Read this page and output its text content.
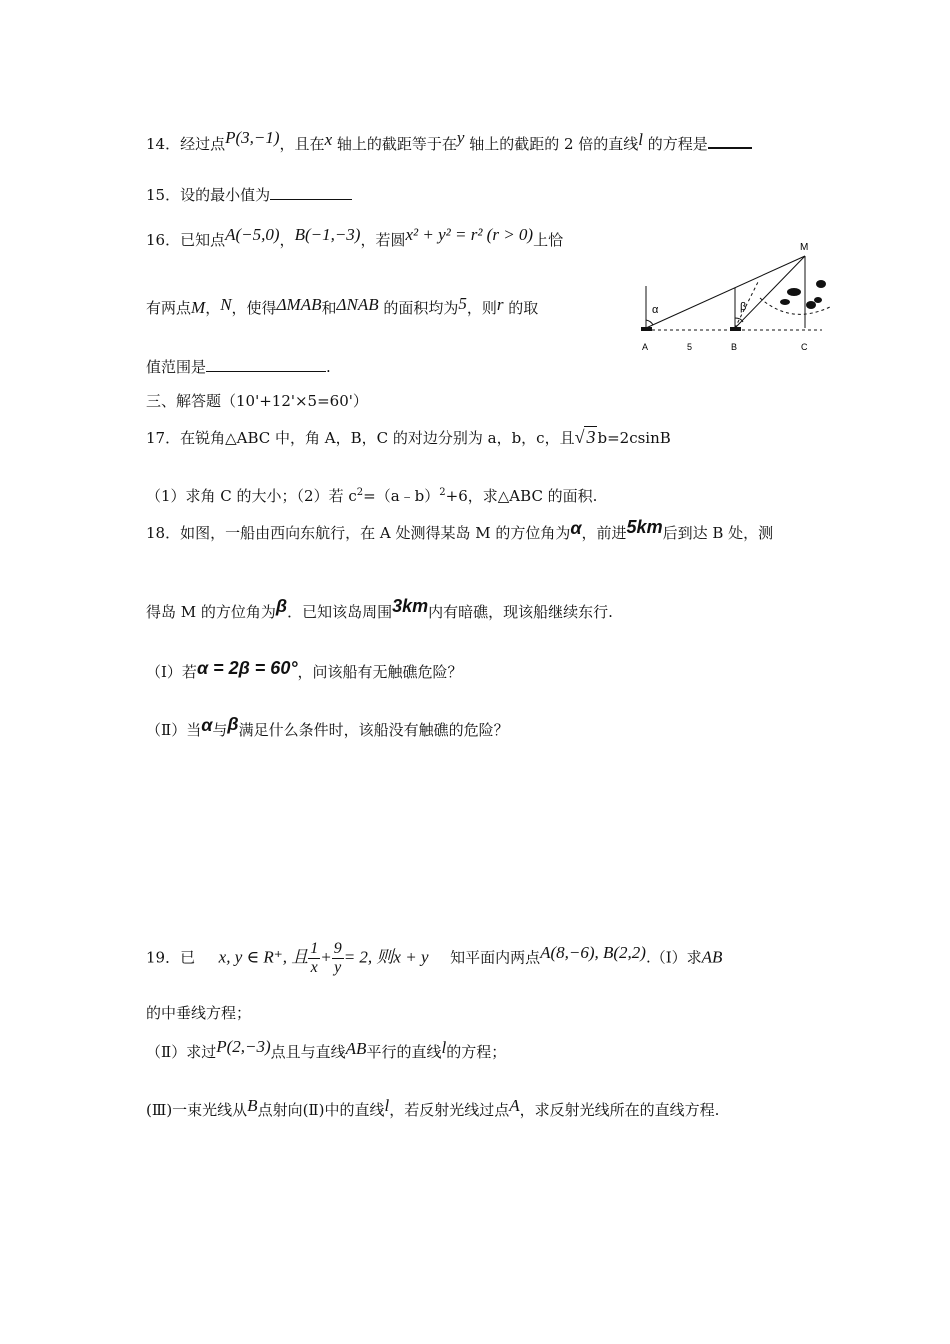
14．经过点P(3,−1)，且在x 轴上的截距等于在y 轴上的截距的 2 倍的直线l 的方程是
15．设的最小值为
16．已知点A(−5,0)，B(−1,−3)，若圆x² + y² = r² (r > 0)上恰
有两点M，N，使得ΔMAB和ΔNAB 的面积均为5，则r 的取
值范围是	.
M
α	β
A	5	B	C
三、解答题（10'+12'×5=60'）
17．在锐角△ABC 中，角 A，B，C 的对边分别为 a，b，c，且√ 3 b=2csinB
（1）求角 C 的大小；（2）若 $c^2=(a﹣b)^2+6$，求△ABC 的面积.
18．如图，一船由西向东航行，在 A 处测得某岛 M 的方位角为α，前进5km后到达 B 处，测
得岛 M 的方位角为β．已知该岛周围3km内有暗礁，现该船继续东行.
（Ⅰ）若α = 2β = 60°，问该船有无触礁危险？
（Ⅱ）当α与β满足什么条件时，该船没有触礁的危险？
19．已 x, y ∈ R⁺, 且 $\frac{1}{x} + \frac{9}{y} = 2$, 则x + y 知平面内两点A(8,−6), B(2,2).（Ⅰ）求AB
的中垂线方程；
（Ⅱ）求过P(2,−3)点且与直线AB平行的直线l的方程；
(Ⅲ)一束光线从B点射向(Ⅱ)中的直线l，若反射光线过点A，求反射光线所在的直线方程.
